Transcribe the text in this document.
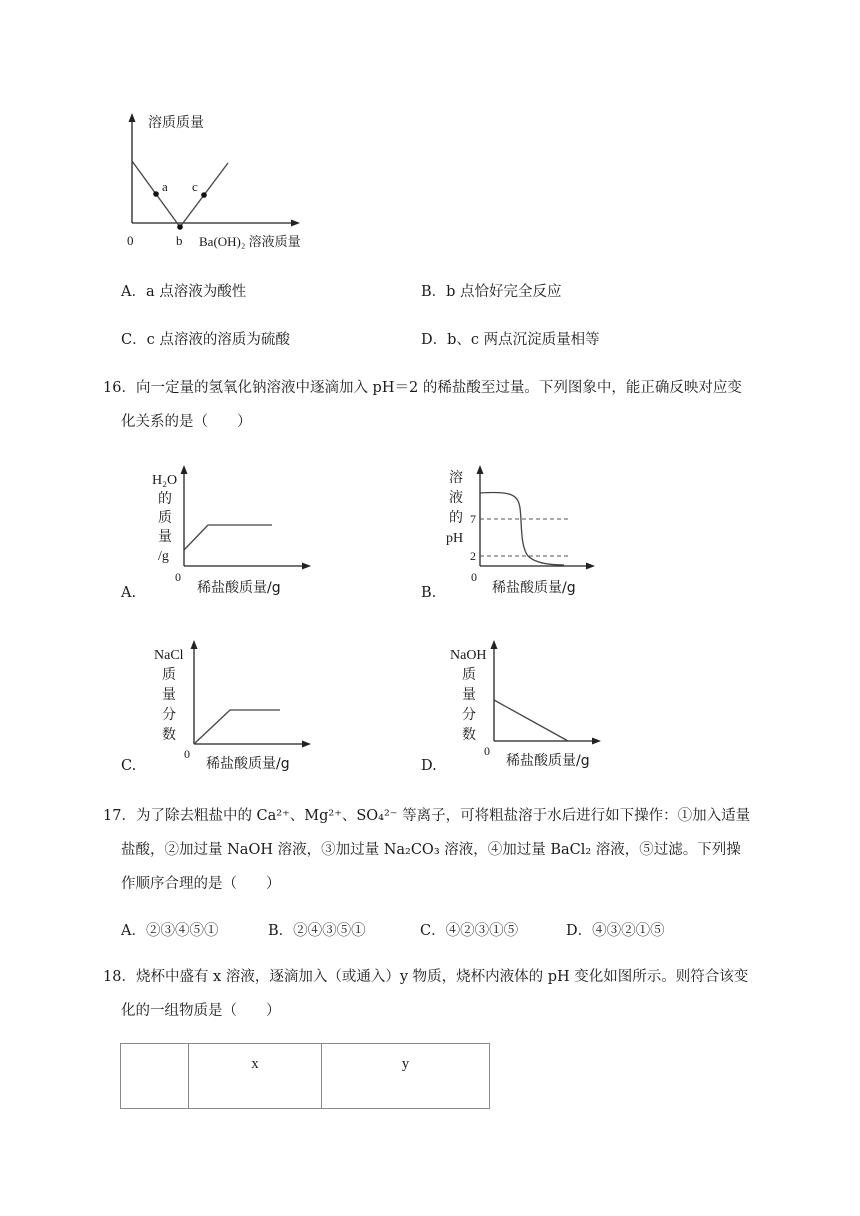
溶质质量
a c
0	b Ba(OH)₂ 溶液质量
A．a 点溶液为酸性	B．b 点恰好完全反应
C．c 点溶液的溶质为硫酸	D．b、c 两点沉淀质量相等
16．向一定量的氢氧化钠溶液中逐滴加入 pH＝2 的稀盐酸至过量。下列图象中，能正确反映对应变
化关系的是（　　）
A.
H₂O
的
质
量
/g
0
稀盐酸质量/g	B.
溶
液
的
pH
7
2
0
稀盐酸质量/g
C.
NaCl
质
量
分
数
0
稀盐酸质量/g	D.
NaOH
质
量
分
数
0
稀盐酸质量/g
17．为了除去粗盐中的 Ca²⁺、Mg²⁺、SO₄²⁻ 等离子，可将粗盐溶于水后进行如下操作：①加入适量
盐酸，②加过量 NaOH 溶液，③加过量 Na₂CO₃ 溶液，④加过量 BaCl₂ 溶液，⑤过滤。下列操
作顺序合理的是（　　）
A．②③④⑤①	B．②④③⑤①	C．④②③①⑤	D．④③②①⑤
18．烧杯中盛有 x 溶液，逐滴加入（或通入）y 物质，烧杯内液体的 pH 变化如图所示。则符合该变
化的一组物质是（　　）
	x	y
